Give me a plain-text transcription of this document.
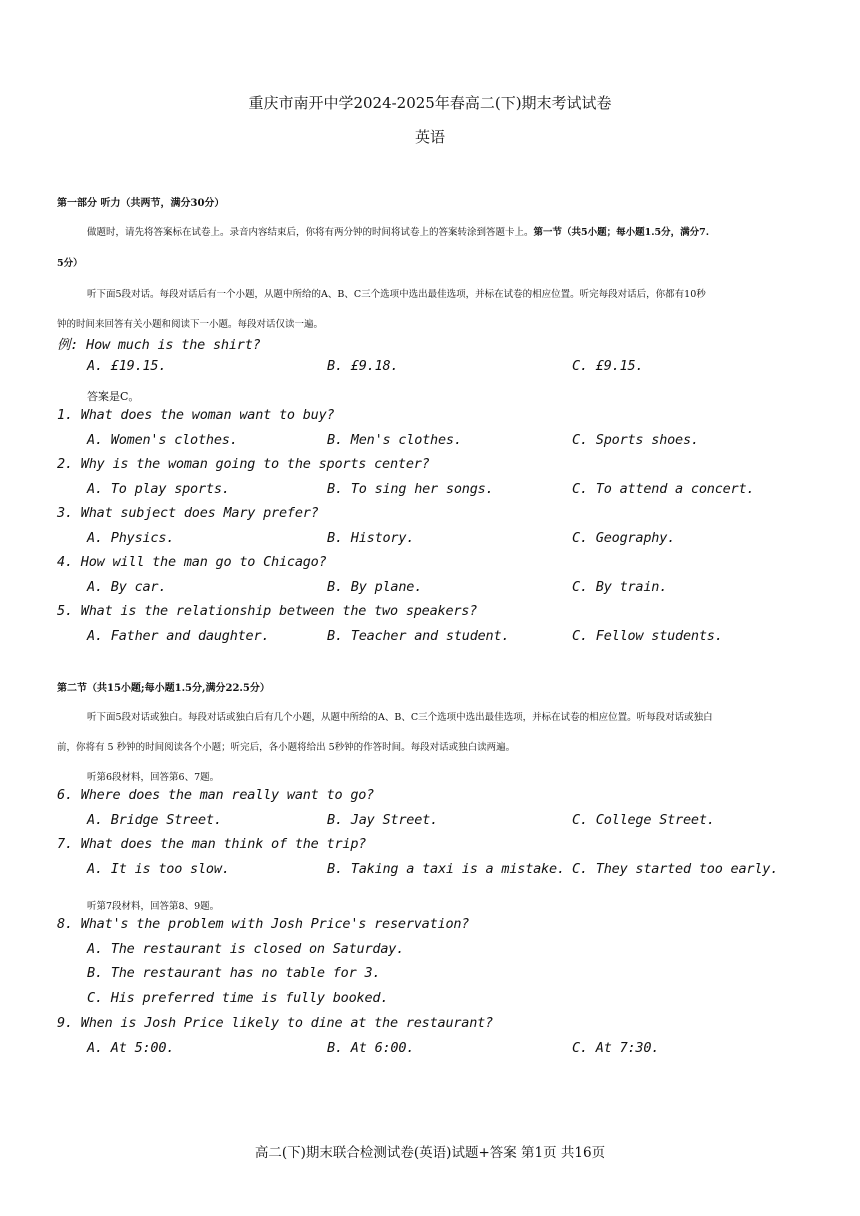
重庆市南开中学2024-2025年春高二(下)期末考试试卷
英语
第一部分 听力（共两节，满分30分）
做题时，请先将答案标在试卷上。录音内容结束后，你将有两分钟的时间将试卷上的答案转涂到答题卡上。第一节（共5小题；每小题1.5分，满分7.
5分）
听下面5段对话。每段对话后有一个小题，从题中所给的A、B、C三个选项中选出最佳选项，并标在试卷的相应位置。听完每段对话后，你都有10秒
钟的时间来回答有关小题和阅读下一小题。每段对话仅读一遍。
例: How much is the shirt?
A. £19.15.	B. £9.18.	C. £9.15.
答案是C。
1. What does the woman want to buy?
A. Women's clothes.	B. Men's clothes.	C. Sports shoes.
2. Why is the woman going to the sports center?
A. To play sports.	B. To sing her songs.	C. To attend a concert.
3. What subject does Mary prefer?
A. Physics.	B. History.	C. Geography.
4. How will the man go to Chicago?
A. By car.	B. By plane.	C. By train.
5. What is the relationship between the two speakers?
A. Father and daughter.	B. Teacher and student.	C. Fellow students.
第二节（共15小题;每小题1.5分,满分22.5分）
听下面5段对话或独白。每段对话或独白后有几个小题，从题中所给的A、B、C三个选项中选出最佳选项，并标在试卷的相应位置。听每段对话或独白
前，你将有 5 秒钟的时间阅读各个小题；听完后，各小题将给出 5秒钟的作答时间。每段对话或独白读两遍。
听第6段材料，回答第6、7题。
6. Where does the man really want to go?
A. Bridge Street.	B. Jay Street.	C. College Street.
7. What does the man think of the trip?
A. It is too slow.	B. Taking a taxi is a mistake. C. They started too early.
听第7段材料，回答第8、9题。
8. What's the problem with Josh Price's reservation?
A. The restaurant is closed on Saturday.
B. The restaurant has no table for 3.
C. His preferred time is fully booked.
9. When is Josh Price likely to dine at the restaurant?
A. At 5:00.	B. At 6:00.	C. At 7:30.
高二(下)期末联合检测试卷(英语)试题+答案 第1页 共16页
